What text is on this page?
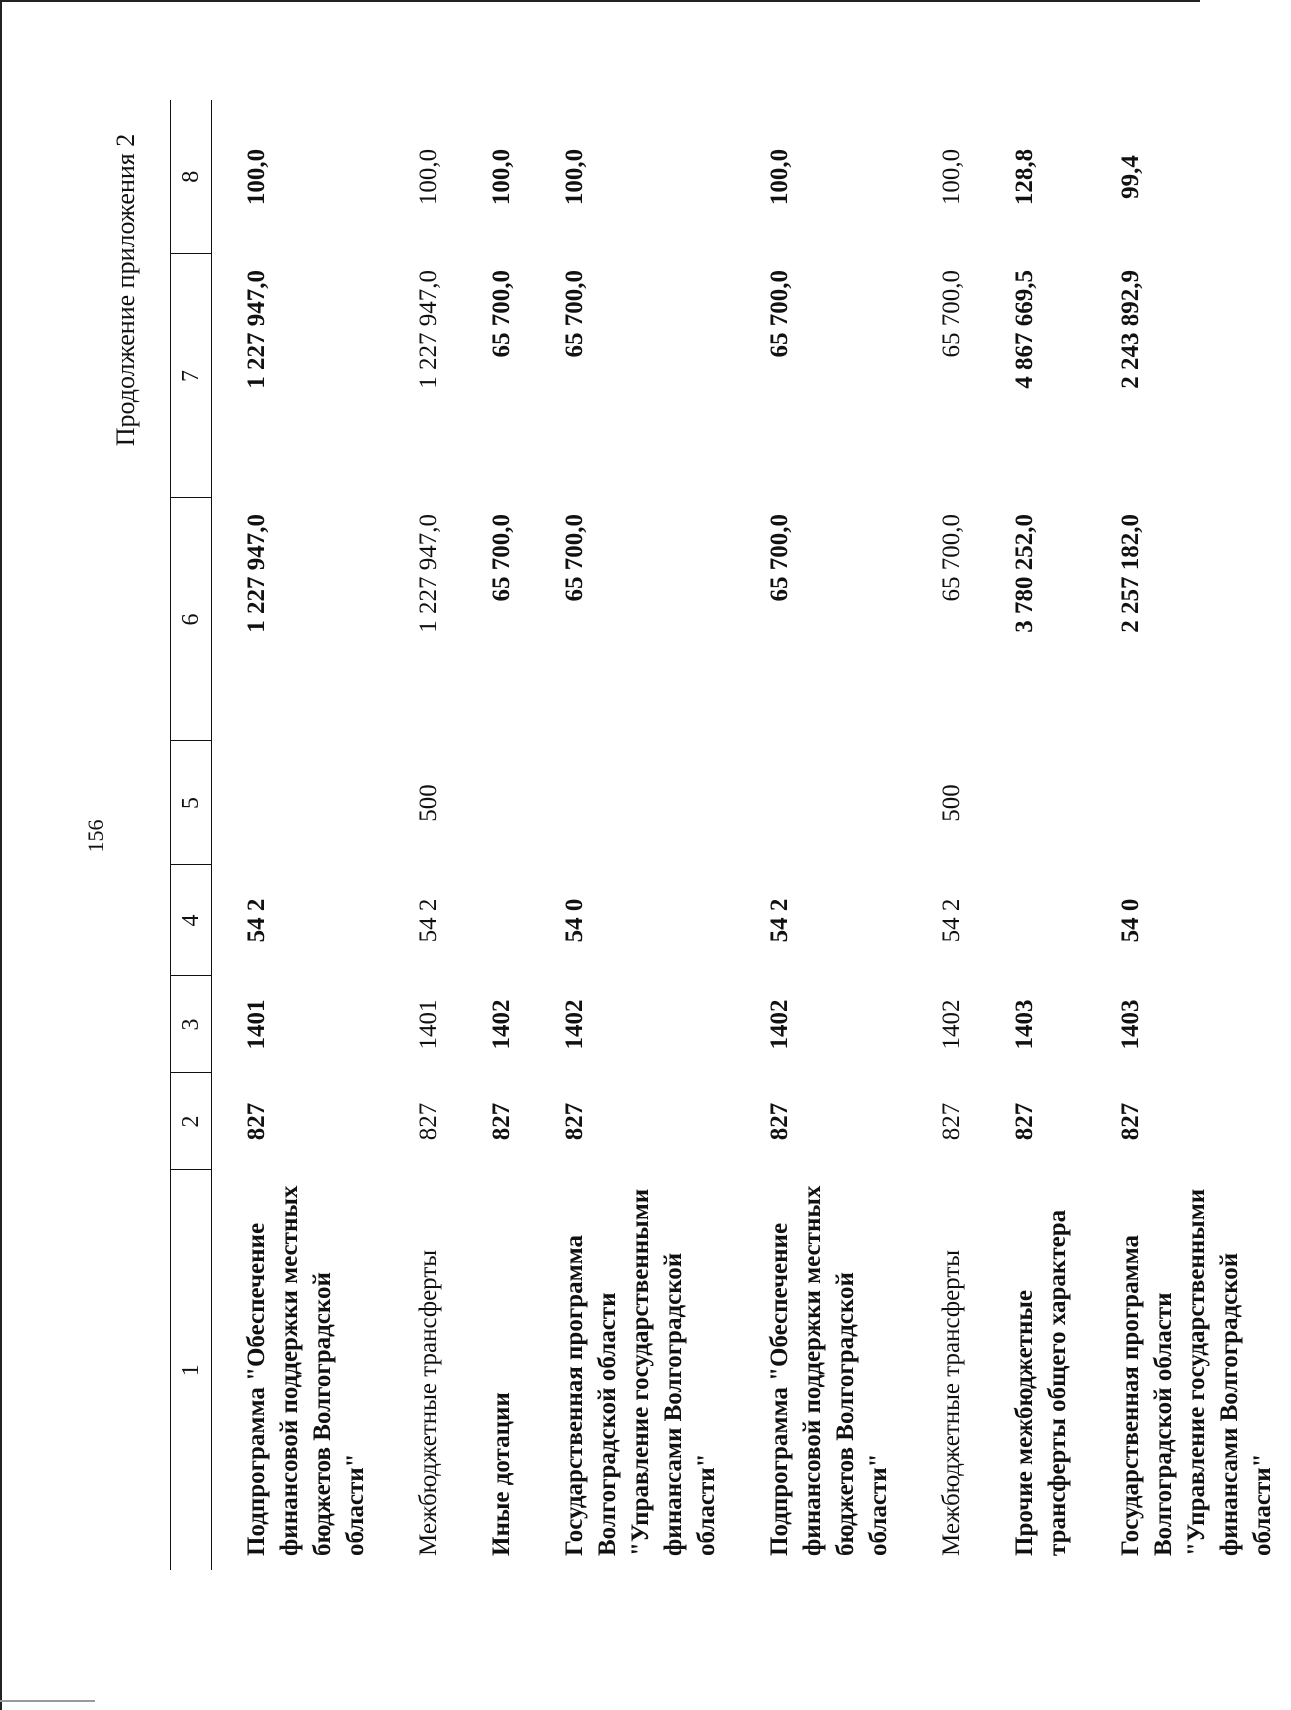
156
Продолжение приложения 2
1	2	3	4	5	6	7	8
Подпрограмма "Обеспечение финансовой поддержки местных бюджетов Волгоградской области"	827	1401	54 2		1 227 947,0	1 227 947,0	100,0
Межбюджетные трансферты	827	1401	54 2	500	1 227 947,0	1 227 947,0	100,0
Иные дотации	827	1402			65 700,0	65 700,0	100,0
Государственная программа Волгоградской области "Управление государственными финансами Волгоградской области"	827	1402	54 0		65 700,0	65 700,0	100,0
Подпрограмма "Обеспечение финансовой поддержки местных бюджетов Волгоградской области"	827	1402	54 2		65 700,0	65 700,0	100,0
Межбюджетные трансферты	827	1402	54 2	500	65 700,0	65 700,0	100,0
Прочие межбюджетные трансферты общего характера	827	1403			3 780 252,0	4 867 669,5	128,8
Государственная программа Волгоградской области "Управление государственными финансами Волгоградской области"	827	1403	54 0		2 257 182,0	2 243 892,9	99,4
